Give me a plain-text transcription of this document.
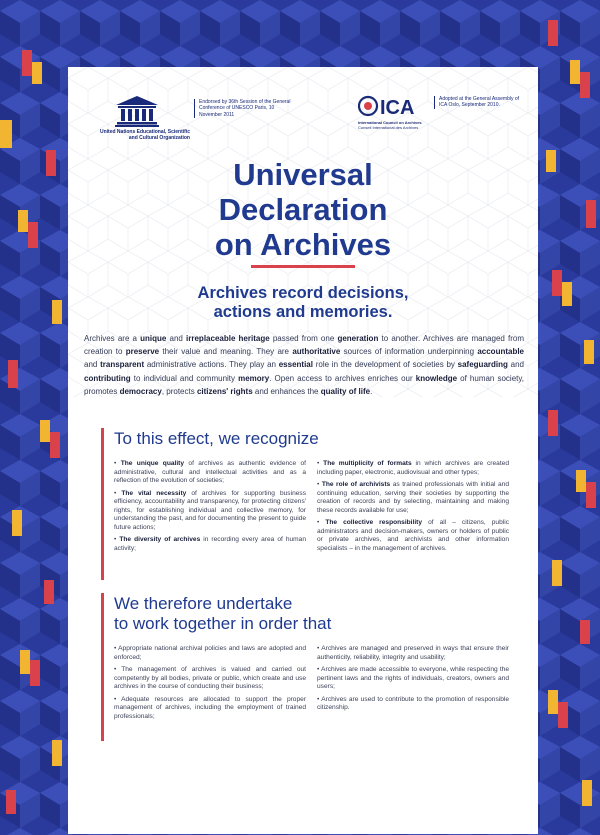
United Nations Educational, Scientific and Cultural Organization
Endorsed by 36th Session of the General Conference of UNESCO Paris, 10 November 2011	ICA
International Council on Archives
Conseil International des Archives
Adopted at the General Assembly of ICA Oslo, September 2010.
Universal
Declaration
on Archives
Archives record decisions,
actions and memories.
Archives are a unique and irreplaceable heritage passed from one generation to another. Archives are managed from creation to preserve their value and meaning. They are authoritative sources of information underpinning accountable and transparent administrative actions. They play an essential role in the development of societies by safeguarding and contributing to individual and community memory. Open access to archives enriches our knowledge of human society, promotes democracy, protects citizens' rights and enhances the quality of life.
To this effect, we recognize
• The unique quality of archives as authentic evidence of administrative, cultural and intellectual activities and as a reflection of the evolution of societies;
• The vital necessity of archives for supporting business efficiency, accountability and transparency, for protecting citizens' rights, for establishing individual and collective memory, for understanding the past, and for documenting the present to guide future actions;
• The diversity of archives in recording every area of human activity;
• The multiplicity of formats in which archives are created including paper, electronic, audiovisual and other types;
• The role of archivists as trained professionals with initial and continuing education, serving their societies by supporting the creation of records and by selecting, maintaining and making these records available for use;
• The collective responsibility of all – citizens, public administrators and decision-makers, owners or holders of public or private archives, and archivists and other information specialists – in the management of archives.
We therefore undertake
to work together in order that
• Appropriate national archival policies and laws are adopted and enforced;
• The management of archives is valued and carried out competently by all bodies, private or public, which create and use archives in the course of conducting their business;
• Adequate resources are allocated to support the proper management of archives, including the employment of trained professionals;
• Archives are managed and preserved in ways that ensure their authenticity, reliability, integrity and usability;
• Archives are made accessible to everyone, while respecting the pertinent laws and the rights of individuals, creators, owners and users;
• Archives are used to contribute to the promotion of responsible citizenship.
